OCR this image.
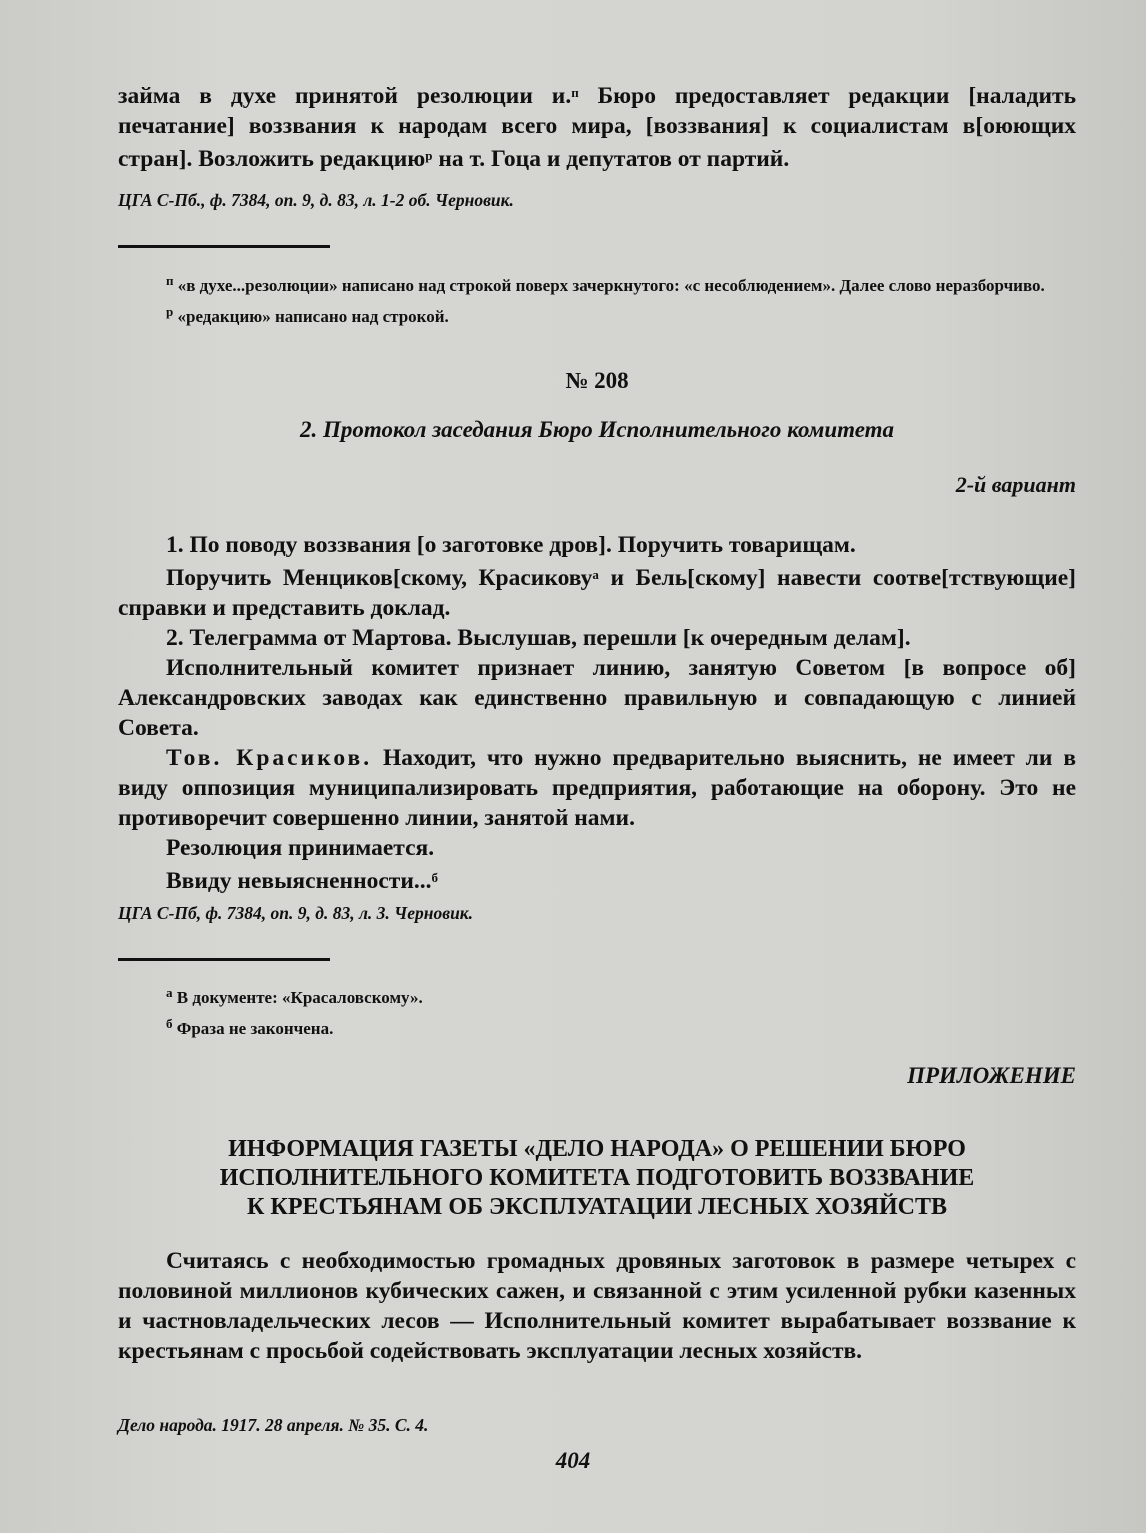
займа в духе принятой резолюции и.$^п$ Бюро предоставляет редакции [наладить печатание] воззвания к народам всего мира, [воззвания] к социалистам в[оюющих стран]. Возложить редакцию$^р$ на т. Гоца и депутатов от партий.

ЦГА С-Пб., ф. 7384, оп. 9, д. 83, л. 1-2 об. Черновик.

$^п$ «в духе...резолюции» написано над строкой поверх зачеркнутого: «с несоблюдением». Далее слово неразборчиво.

$^р$ «редакцию» написано над строкой.

№ 208
2. Протокол заседания Бюро Исполнительного комитета
2-й вариант

1. По поводу воззвания [о заготовке дров]. Поручить товарищам.

Поручить Менциков[скому, Красикову$^а$ и Бель[скому] навести соотве[тствующие] справки и представить доклад.

2. Телеграмма от Мартова. Выслушав, перешли [к очередным делам].

Исполнительный комитет признает линию, занятую Советом [в вопросе об] Александровских заводах как единственно правильную и совпадающую с линией Совета.

Тов. Красиков. Находит, что нужно предварительно выяснить, не имеет ли в виду оппозиция муниципализировать предприятия, работающие на оборону. Это не противоречит совершенно линии, занятой нами.

Резолюция принимается.

Ввиду невыясненности...$^б$

ЦГА С-Пб, ф. 7384, оп. 9, д. 83, л. 3. Черновик.

$^а$ В документе: «Красаловскому».

$^б$ Фраза не закончена.

ПРИЛОЖЕНИЕ

ИНФОРМАЦИЯ ГАЗЕТЫ «ДЕЛО НАРОДА» О РЕШЕНИИ БЮРО

ИСПОЛНИТЕЛЬНОГО КОМИТЕТА ПОДГОТОВИТЬ ВОЗЗВАНИЕ

К КРЕСТЬЯНАМ ОБ ЭКСПЛУАТАЦИИ ЛЕСНЫХ ХОЗЯЙСТВ

Считаясь с необходимостью громадных дровяных заготовок в размере четырех с половиной миллионов кубических сажен, и связанной с этим усиленной рубки казенных и частновладельческих лесов — Исполнительный комитет вырабатывает воззвание к крестьянам с просьбой содействовать эксплуатации лесных хозяйств.

Дело народа. 1917. 28 апреля. № 35. С. 4.
404
